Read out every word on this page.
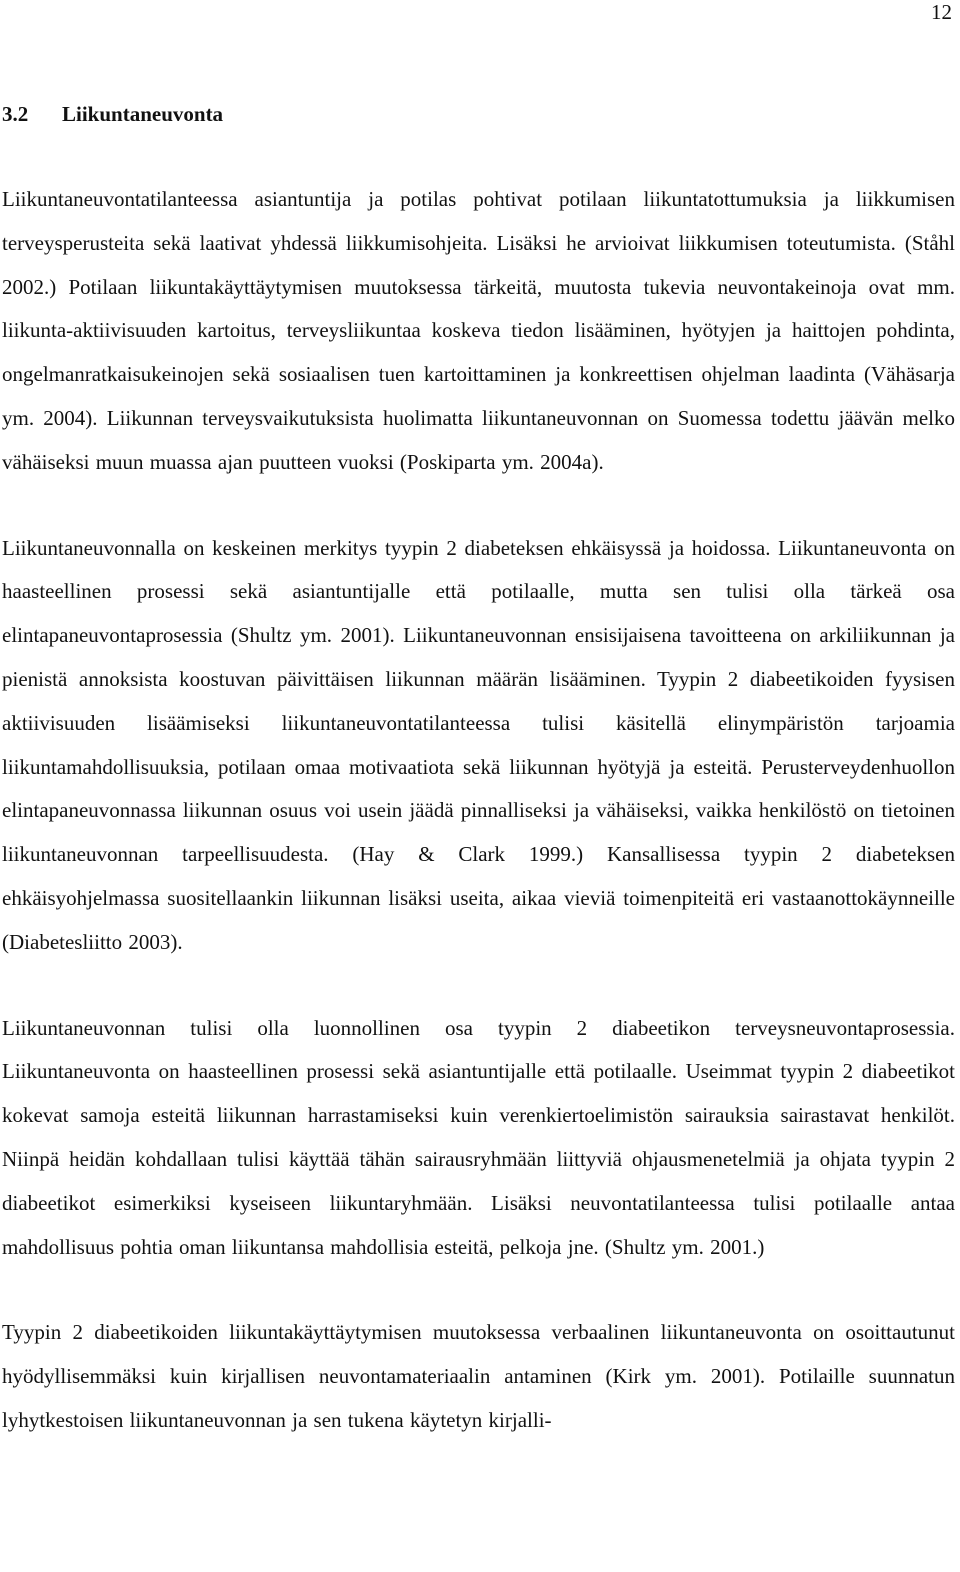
12
3.2 Liikuntaneuvonta

Liikuntaneuvontatilanteessa asiantuntija ja potilas pohtivat potilaan liikuntatottumuksia ja liikkumisen terveysperusteita sekä laativat yhdessä liikkumisohjeita. Lisäksi he arvioivat liikkumisen toteutumista. (Ståhl 2002.) Potilaan liikuntakäyttäytymisen muutoksessa tärkeitä, muutosta tukevia neuvontakeinoja ovat mm. liikunta-aktiivisuuden kartoitus, terveysliikuntaa koskeva tiedon lisääminen, hyötyjen ja haittojen pohdinta, ongelmanratkaisukeinojen sekä sosiaalisen tuen kartoittaminen ja konkreettisen ohjelman laadinta (Vähäsarja ym. 2004). Liikunnan terveysvaikutuksista huolimatta liikuntaneuvonnan on Suomessa todettu jäävän melko vähäiseksi muun muassa ajan puutteen vuoksi (Poskiparta ym. 2004a).

Liikuntaneuvonnalla on keskeinen merkitys tyypin 2 diabeteksen ehkäisyssä ja hoidossa. Liikuntaneuvonta on haasteellinen prosessi sekä asiantuntijalle että potilaalle, mutta sen tulisi olla tärkeä osa elintapaneuvontaprosessia (Shultz ym. 2001). Liikuntaneuvonnan ensisijaisena tavoitteena on arkiliikunnan ja pienistä annoksista koostuvan päivittäisen liikunnan määrän lisääminen. Tyypin 2 diabeetikoiden fyysisen aktiivisuuden lisäämiseksi liikuntaneuvontatilanteessa tulisi käsitellä elinympäristön tarjoamia liikuntamahdollisuuksia, potilaan omaa motivaatiota sekä liikunnan hyötyjä ja esteitä. Perusterveydenhuollon elintapaneuvonnassa liikunnan osuus voi usein jäädä pinnalliseksi ja vähäiseksi, vaikka henkilöstö on tietoinen liikuntaneuvonnan tarpeellisuudesta. (Hay & Clark 1999.) Kansallisessa tyypin 2 diabeteksen ehkäisyohjelmassa suositellaankin liikunnan lisäksi useita, aikaa vieviä toimenpiteitä eri vastaanottokäynneille (Diabetesliitto 2003).

Liikuntaneuvonnan tulisi olla luonnollinen osa tyypin 2 diabeetikon terveysneuvontaprosessia. Liikuntaneuvonta on haasteellinen prosessi sekä asiantuntijalle että potilaalle. Useimmat tyypin 2 diabeetikot kokevat samoja esteitä liikunnan harrastamiseksi kuin verenkiertoelimistön sairauksia sairastavat henkilöt. Niinpä heidän kohdallaan tulisi käyttää tähän sairausryhmään liittyviä ohjausmenetelmiä ja ohjata tyypin 2 diabeetikot esimerkiksi kyseiseen liikuntaryhmään. Lisäksi neuvontatilanteessa tulisi potilaalle antaa mahdollisuus pohtia oman liikuntansa mahdollisia esteitä, pelkoja jne. (Shultz ym. 2001.)

Tyypin 2 diabeetikoiden liikuntakäyttäytymisen muutoksessa verbaalinen liikuntaneuvonta on osoittautunut hyödyllisemmäksi kuin kirjallisen neuvontamateriaalin antaminen (Kirk ym. 2001). Potilaille suunnatun lyhytkestoisen liikuntaneuvonnan ja sen tukena käytetyn kirjalli-
